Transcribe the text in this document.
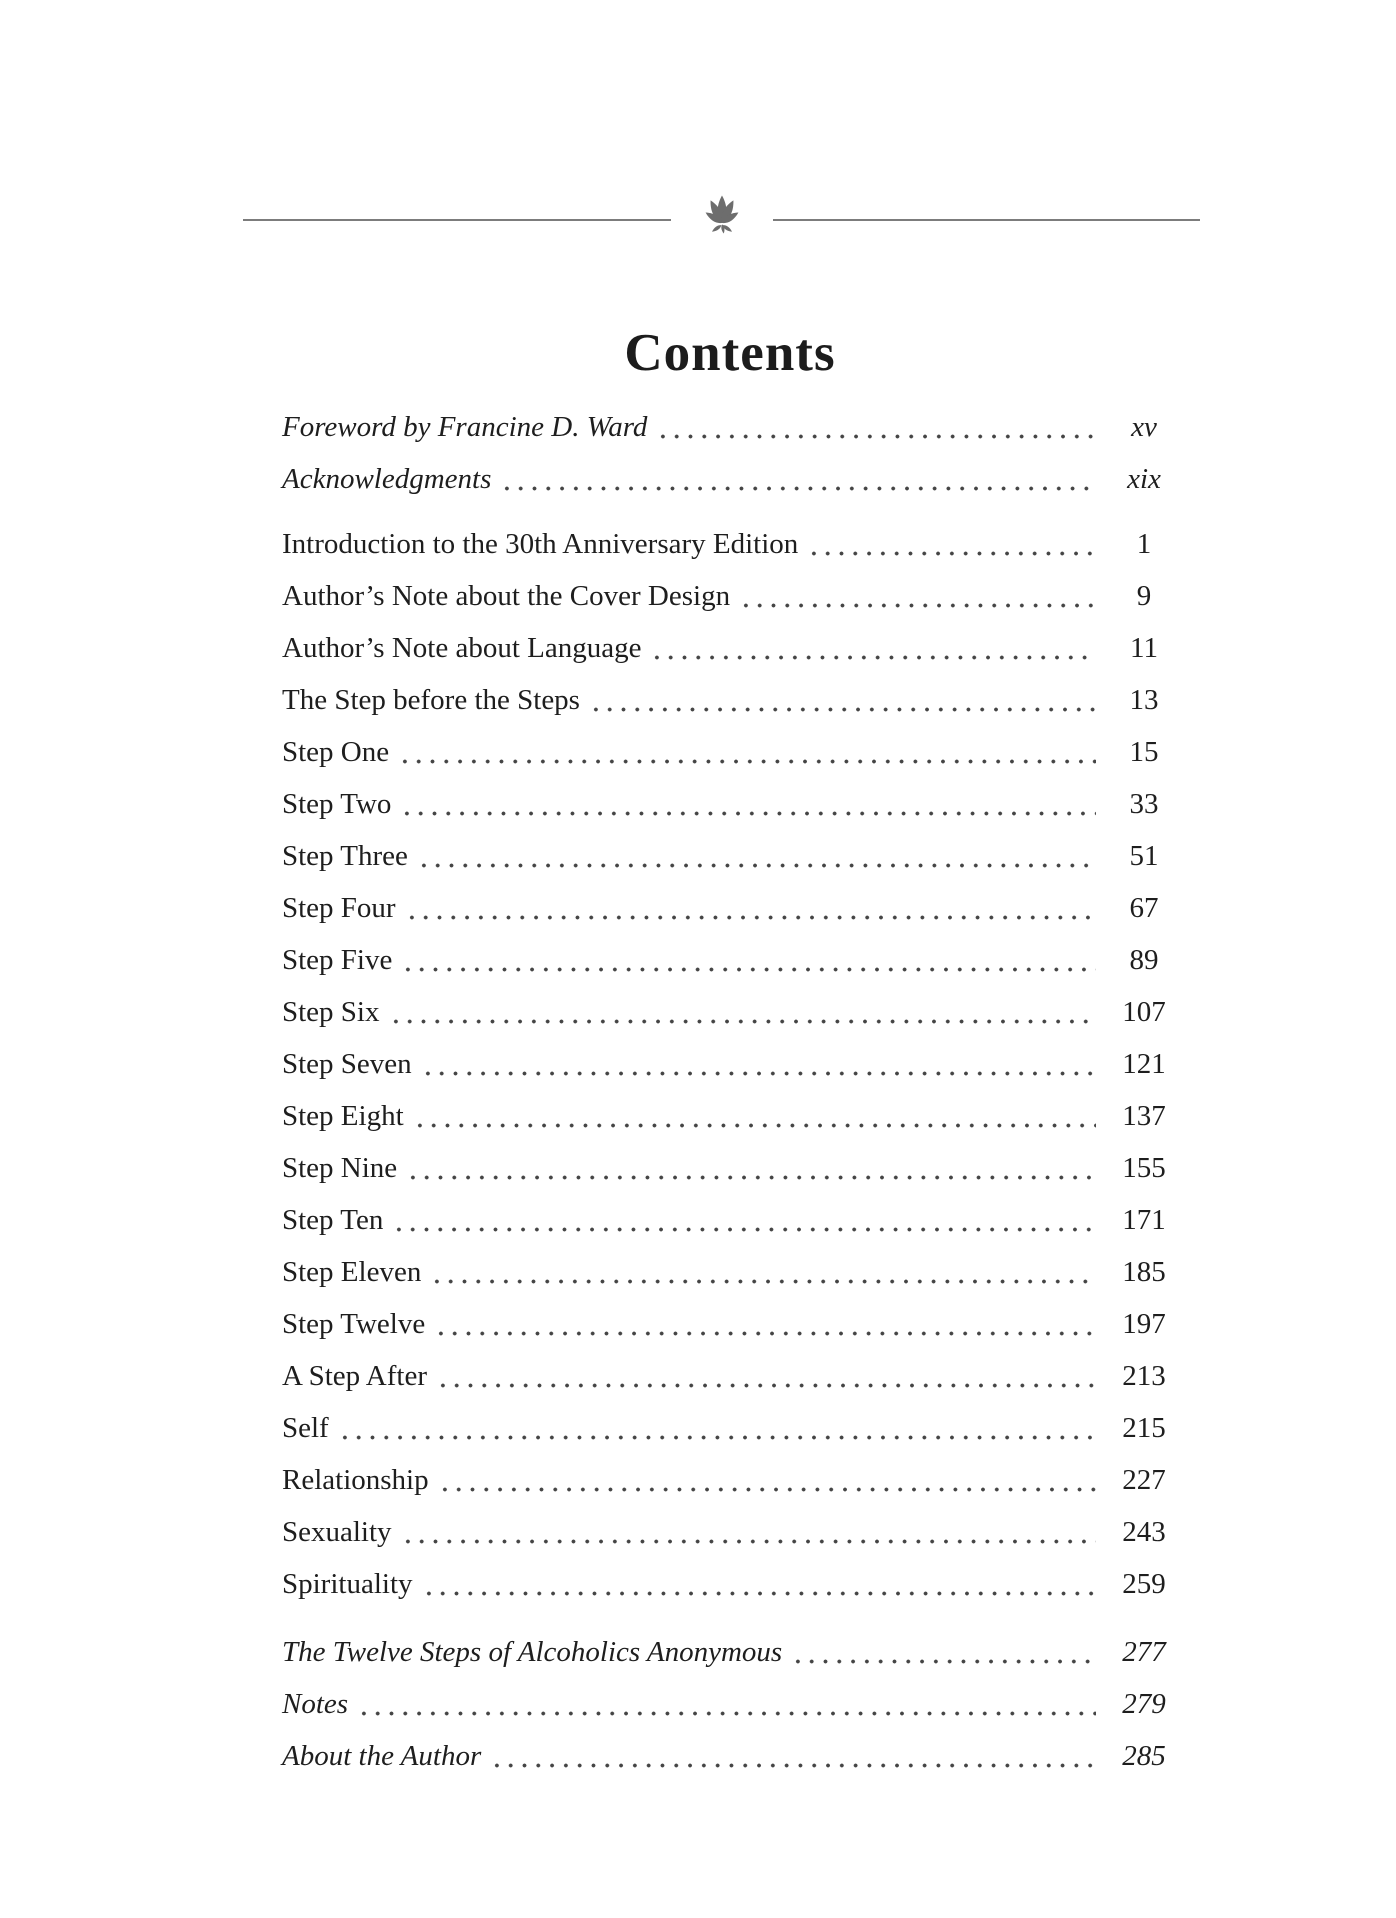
Contents
Foreword by Francine D. Ward	xv
Acknowledgments	xix
Introduction to the 30th Anniversary Edition	1
Author’s Note about the Cover Design	9
Author’s Note about Language	11
The Step before the Steps	13
Step One	15
Step Two	33
Step Three	51
Step Four	67
Step Five	89
Step Six	107
Step Seven	121
Step Eight	137
Step Nine	155
Step Ten	171
Step Eleven	185
Step Twelve	197
A Step After	213
Self	215
Relationship	227
Sexuality	243
Spirituality	259
The Twelve Steps of Alcoholics Anonymous	277
Notes	279
About the Author	285
